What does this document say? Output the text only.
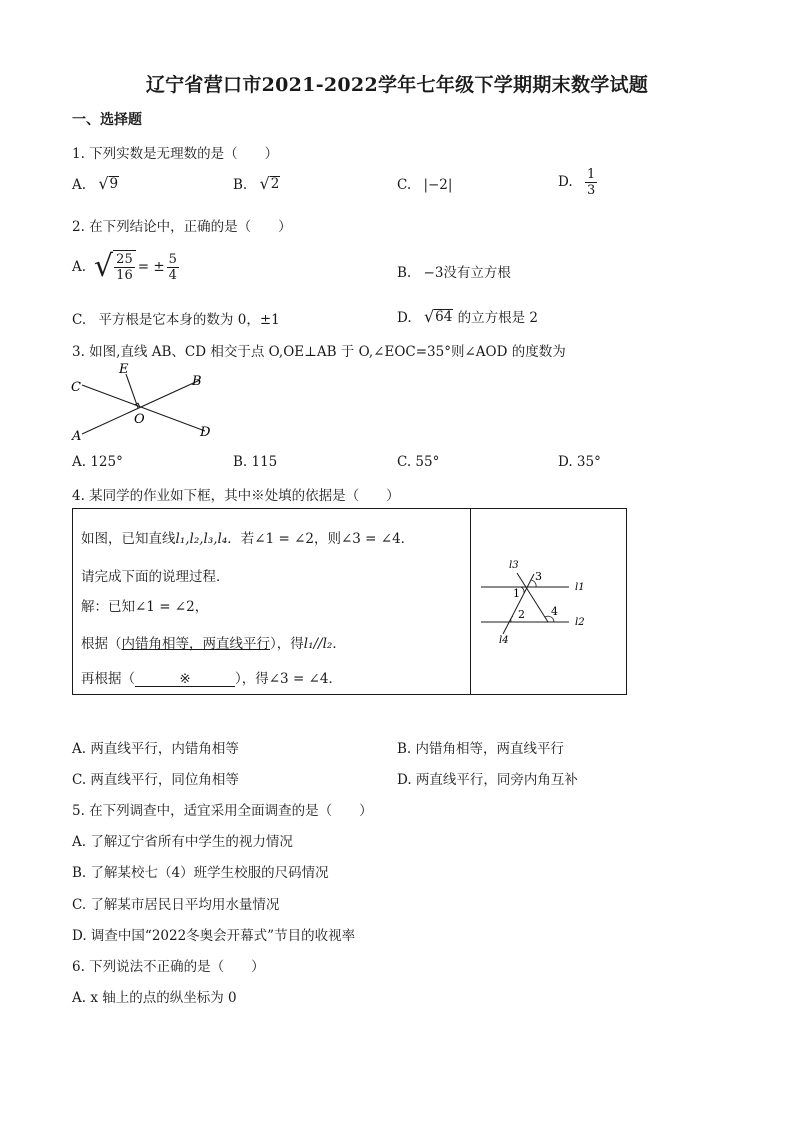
辽宁省营口市2021-2022学年七年级下学期期末数学试题
一、选择题
1. 下列实数是无理数的是（　　）
A. √ 9	B. √ 2	C. |−2|	D. $\frac{1}{3}$
2. 在下列结论中，正确的是（　　）
A. √ $\frac{25}{16}$ = ± $\frac{5}{4}$	B. −3没有立方根
C. 平方根是它本身的数为 0，±1	D. √ 64 的立方根是 2
3. 如图,直线 AB、CD 相交于点 O,OE⊥AB 于 O,∠EOC=35°则∠AOD 的度数为
C
E
B
O
A	D
A. 125°	B. 115	C. 55°	D. 35°
4. 某同学的作业如下框，其中※处填的依据是（　　）
如图，已知直线l₁,l₂,l₃,l₄．若∠1 = ∠2，则∠3 = ∠4．
请完成下面的说理过程．
解：已知∠1 = ∠2，
根据（内错角相等，两直线平行），得l₁//l₂．
再根据（	※	），得∠3 = ∠4．
l3
l1
l2
l4
1
2
3
4
A. 两直线平行，内错角相等	B. 内错角相等，两直线平行
C. 两直线平行，同位角相等	D. 两直线平行，同旁内角互补
5. 在下列调查中，适宜采用全面调查的是（　　）
A. 了解辽宁省所有中学生的视力情况
B. 了解某校七（4）班学生校服的尺码情况
C. 了解某市居民日平均用水量情况
D. 调查中国“2022冬奥会开幕式”节目的收视率
6. 下列说法不正确的是（　　）
A. x 轴上的点的纵坐标为 0
